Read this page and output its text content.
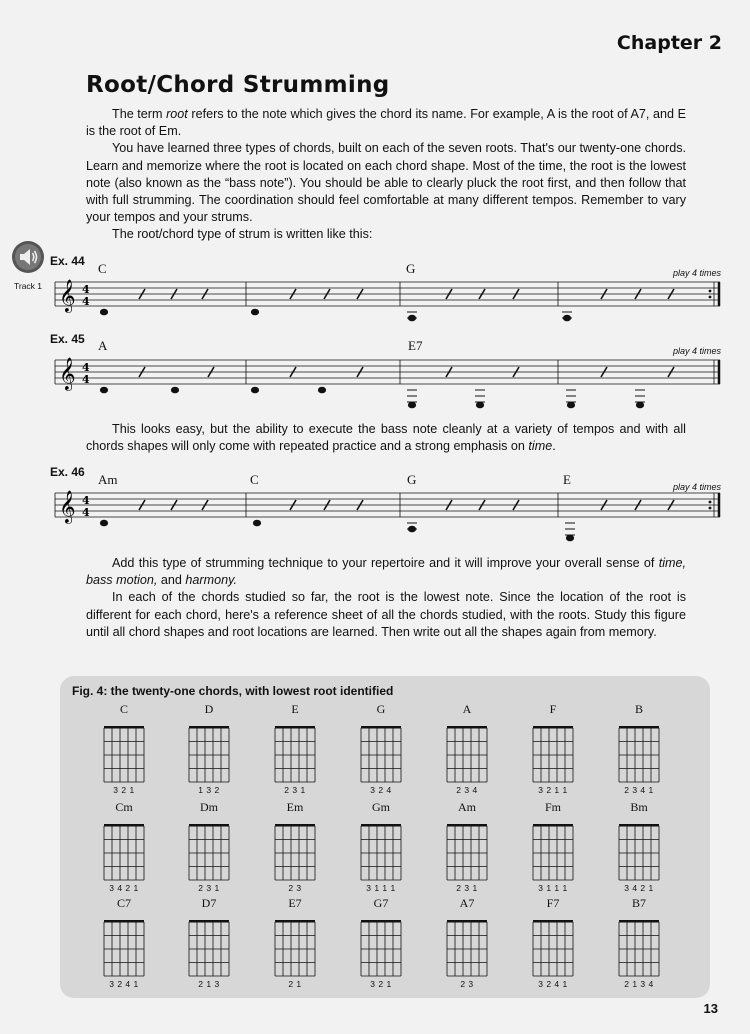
Chapter 2
Root/Chord Strumming

The term root refers to the note which gives the chord its name. For example, A is the root of A7, and E is the root of Em.

You have learned three types of chords, built on each of the seven roots. That's our twenty-one chords. Learn and memorize where the root is located on each chord shape. Most of the time, the root is the lowest note (also known as the “bass note”). You should be able to clearly pluck the root first, and then follow that with full strumming. The coordination should feel comfortable at many different tempos. Remember to vary your tempos and your strums.

The root/chord type of strum is written like this:

Track 1
Ex. 44
play 4 times
C	G
𝄞 4
4
Ex. 45
play 4 times
A	E7
𝄞 4
4

This looks easy, but the ability to execute the bass note cleanly at a variety of tempos and with all chords shapes will only come with repeated practice and a strong emphasis on time.

Ex. 46
play 4 times
Am	C	G	E
𝄞 4
4

Add this type of strumming technique to your repertoire and it will improve your overall sense of time, bass motion, and harmony.

In each of the chords studied so far, the root is the lowest note. Since the location of the root is different for each chord, here's a reference sheet of all the chords studied, with the roots. Study this figure until all chord shapes and root locations are learned. Then write out all the shapes again from memory.

Fig. 4: the twenty-one chords, with lowest root identified
C
3 2 1
D
1 3 2
E
2 3 1
G
3 2 4
A
2 3 4
F
3 2 1 1
B
2 3 4 1
Cm
3 4 2 1
Dm
2 3 1
Em
2 3
Gm
3 1 1 1
Am
2 3 1
Fm
3 1 1 1
Bm
3 4 2 1
C7
3 2 4 1
D7
2 1 3
E7
2 1
G7
3 2 1
A7
2 3
F7
3 2 4 1
B7
2 1 3 4
13
